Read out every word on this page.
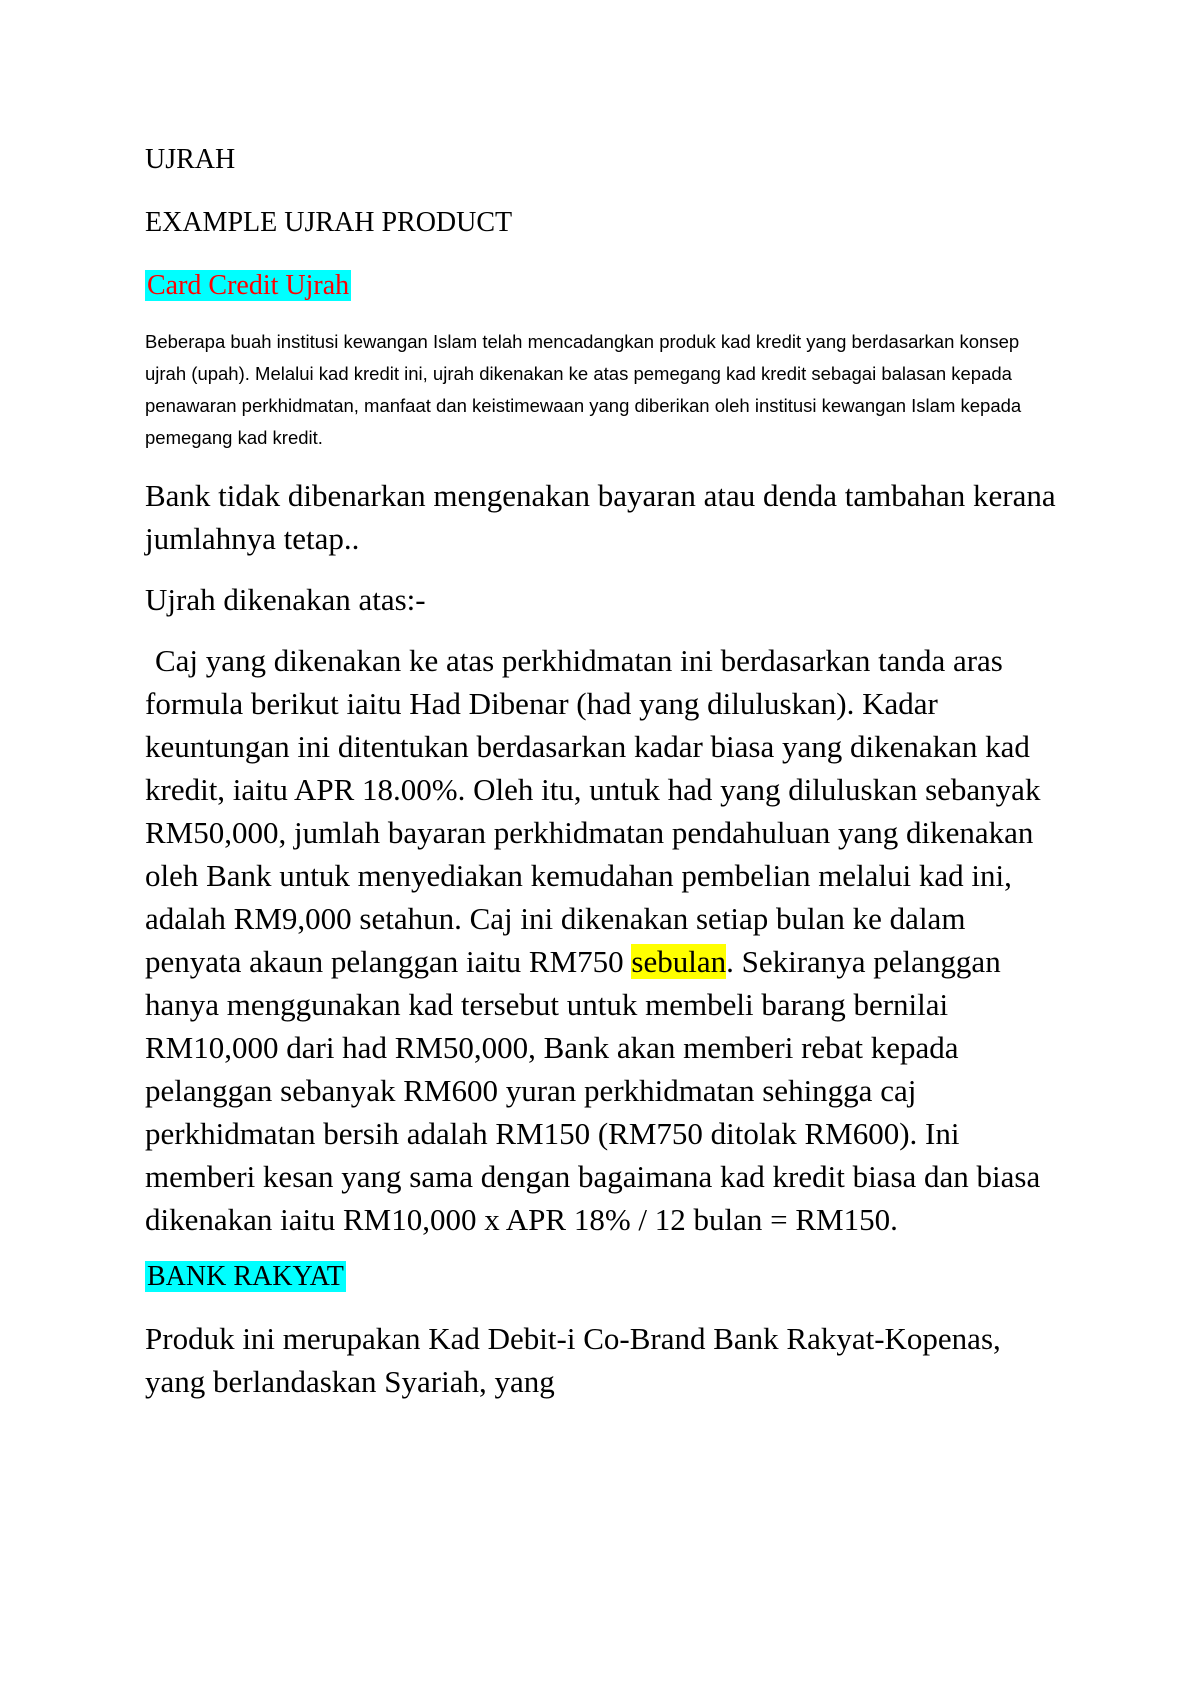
UJRAH

EXAMPLE UJRAH PRODUCT

Card Credit Ujrah

Beberapa buah institusi kewangan Islam telah mencadangkan produk kad kredit yang berdasarkan konsep ujrah (upah). Melalui kad kredit ini, ujrah dikenakan ke atas pemegang kad kredit sebagai balasan kepada penawaran perkhidmatan, manfaat dan keistimewaan yang diberikan oleh institusi kewangan Islam kepada pemegang kad kredit.

Bank tidak dibenarkan mengenakan bayaran atau denda tambahan kerana jumlahnya tetap..

Ujrah dikenakan atas:-

Caj yang dikenakan ke atas perkhidmatan ini berdasarkan tanda aras formula berikut iaitu Had Dibenar (had yang diluluskan). Kadar keuntungan ini ditentukan berdasarkan kadar biasa yang dikenakan kad kredit, iaitu APR 18.00%. Oleh itu, untuk had yang diluluskan sebanyak RM50,000, jumlah bayaran perkhidmatan pendahuluan yang dikenakan oleh Bank untuk menyediakan kemudahan pembelian melalui kad ini, adalah RM9,000 setahun. Caj ini dikenakan setiap bulan ke dalam penyata akaun pelanggan iaitu RM750 sebulan. Sekiranya pelanggan hanya menggunakan kad tersebut untuk membeli barang bernilai RM10,000 dari had RM50,000, Bank akan memberi rebat kepada pelanggan sebanyak RM600 yuran perkhidmatan sehingga caj perkhidmatan bersih adalah RM150 (RM750 ditolak RM600). Ini memberi kesan yang sama dengan bagaimana kad kredit biasa dan biasa dikenakan iaitu RM10,000 x APR 18% / 12 bulan = RM150.

BANK RAKYAT

Produk ini merupakan Kad Debit-i Co-Brand Bank Rakyat-Kopenas, yang berlandaskan Syariah, yang
